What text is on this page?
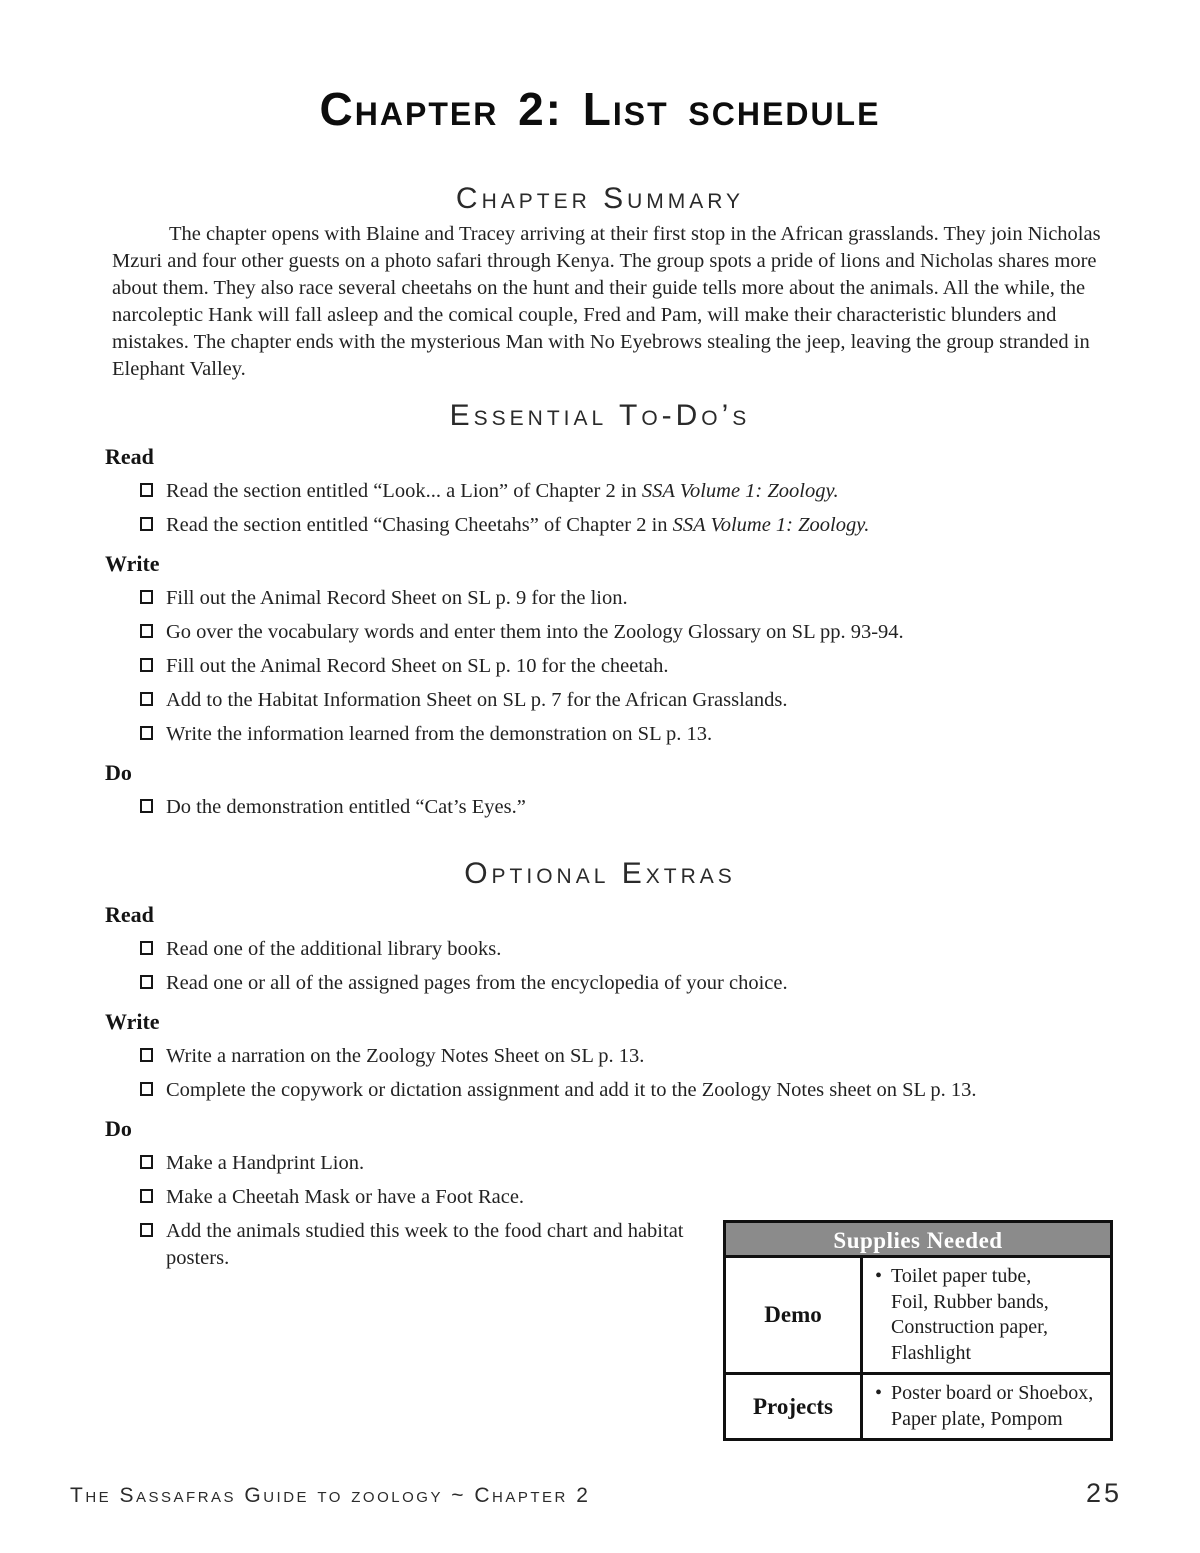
Chapter 2: List schedule
Chapter Summary

The chapter opens with Blaine and Tracey arriving at their first stop in the African grasslands. They join Nicholas Mzuri and four other guests on a photo safari through Kenya. The group spots a pride of lions and Nicholas shares more about them. They also race several cheetahs on the hunt and their guide tells more about the animals. All the while, the narcoleptic Hank will fall asleep and the comical couple, Fred and Pam, will make their characteristic blunders and mistakes. The chapter ends with the mysterious Man with No Eyebrows stealing the jeep, leaving the group stranded in Elephant Valley.

Essential To-Do’s
Read
Read the section entitled “Look... a Lion” of Chapter 2 in SSA Volume 1: Zoology.
Read the section entitled “Chasing Cheetahs” of Chapter 2 in SSA Volume 1: Zoology.
Write
Fill out the Animal Record Sheet on SL p. 9 for the lion.
Go over the vocabulary words and enter them into the Zoology Glossary on SL pp. 93-94.
Fill out the Animal Record Sheet on SL p. 10 for the cheetah.
Add to the Habitat Information Sheet on SL p. 7 for the African Grasslands.
Write the information learned from the demonstration on SL p. 13.
Do
Do the demonstration entitled “Cat’s Eyes.”
Optional Extras
Read
Read one of the additional library books.
Read one or all of the assigned pages from the encyclopedia of your choice.
Write
Write a narration on the Zoology Notes Sheet on SL p. 13.
Complete the copywork or dictation assignment and add it to the Zoology Notes sheet on SL p. 13.
Do
Make a Handprint Lion.
Make a Cheetah Mask or have a Foot Race.
Add the animals studied this week to the food chart and habitat posters.
Supplies Needed
Demo
• Toilet paper tube,
Foil, Rubber bands,
Construction paper,
Flashlight
Projects
• Poster board or Shoebox,
Paper plate, Pompom
The Sassafras Guide to zoology ~ Chapter 2	25
